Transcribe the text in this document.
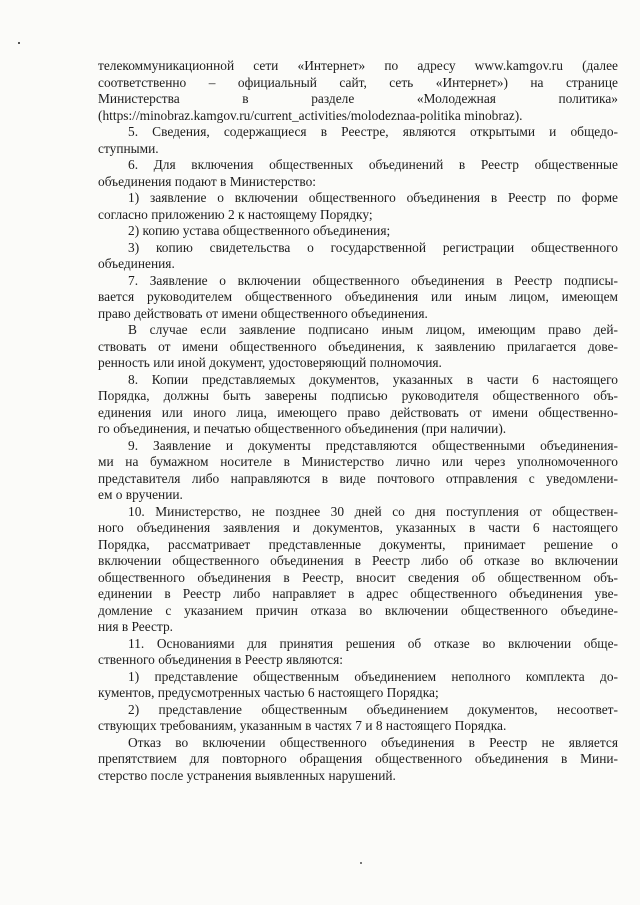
телекоммуникационной сети «Интернет» по адресу www.kamgov.ru (далее
соответственно – официальный сайт, сеть «Интернет») на странице
Министерства в разделе «Молодежная политика»
(https://minobraz.kamgov.ru/current_activities/molodeznaa-politika minobraz).
5. Сведения, содержащиеся в Реестре, являются открытыми и общедо-
ступными.
6. Для включения общественных объединений в Реестр общественные
объединения подают в Министерство:
1) заявление о включении общественного объединения в Реестр по форме
согласно приложению 2 к настоящему Порядку;
2) копию устава общественного объединения;
3) копию свидетельства о государственной регистрации общественного
объединения.
7. Заявление о включении общественного объединения в Реестр подписы-
вается руководителем общественного объединения или иным лицом, имеющем
право действовать от имени общественного объединения.
В случае если заявление подписано иным лицом, имеющим право дей-
ствовать от имени общественного объединения, к заявлению прилагается дове-
ренность или иной документ, удостоверяющий полномочия.
8. Копии представляемых документов, указанных в части 6 настоящего
Порядка, должны быть заверены подписью руководителя общественного объ-
единения или иного лица, имеющего право действовать от имени общественно-
го объединения, и печатью общественного объединения (при наличии).
9. Заявление и документы представляются общественными объединения-
ми на бумажном носителе в Министерство лично или через уполномоченного
представителя либо направляются в виде почтового отправления с уведомлени-
ем о вручении.
10. Министерство, не позднее 30 дней со дня поступления от обществен-
ного объединения заявления и документов, указанных в части 6 настоящего
Порядка, рассматривает представленные документы, принимает решение о
включении общественного объединения в Реестр либо об отказе во включении
общественного объединения в Реестр, вносит сведения об общественном объ-
единении в Реестр либо направляет в адрес общественного объединения уве-
домление с указанием причин отказа во включении общественного объедине-
ния в Реестр.
11. Основаниями для принятия решения об отказе во включении обще-
ственного объединения в Реестр являются:
1) представление общественным объединением неполного комплекта до-
кументов, предусмотренных частью 6 настоящего Порядка;
2) представление общественным объединением документов, несоответ-
ствующих требованиям, указанным в частях 7 и 8 настоящего Порядка.
Отказ во включении общественного объединения в Реестр не является
препятствием для повторного обращения общественного объединения в Мини-
стерство после устранения выявленных нарушений.
